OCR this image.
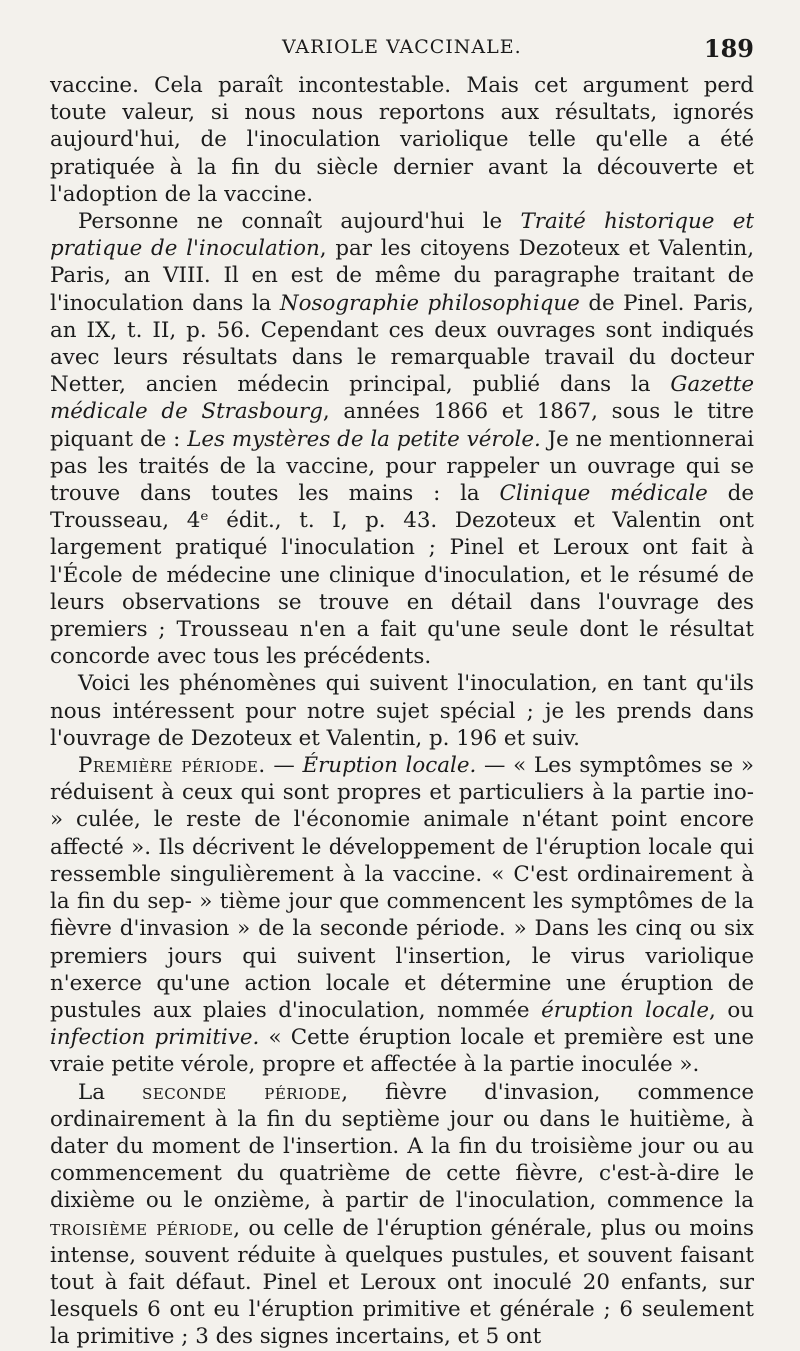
VARIOLE VACCINALE.	189

vaccine. Cela paraît incontestable. Mais cet argument perd toute valeur, si nous nous reportons aux résultats, ignorés aujourd'hui, de l'inoculation variolique telle qu'elle a été pratiquée à la fin du siècle dernier avant la découverte et l'adoption de la vaccine.

Personne ne connaît aujourd'hui le Traité historique et pratique de l'inoculation, par les citoyens Dezoteux et Valentin, Paris, an VIII. Il en est de même du paragraphe traitant de l'inoculation dans la Nosographie philosophique de Pinel. Paris, an IX, t. II, p. 56. Cependant ces deux ouvrages sont indiqués avec leurs résultats dans le remarquable travail du docteur Netter, ancien médecin principal, publié dans la Gazette médicale de Strasbourg, années 1866 et 1867, sous le titre piquant de : Les mystères de la petite vérole. Je ne mentionnerai pas les traités de la vaccine, pour rappeler un ouvrage qui se trouve dans toutes les mains : la Clinique médicale de Trousseau, 4ᵉ édit., t. I, p. 43. Dezoteux et Valentin ont largement pratiqué l'inoculation ; Pinel et Leroux ont fait à l'École de médecine une clinique d'inoculation, et le résumé de leurs observations se trouve en détail dans l'ouvrage des premiers ; Trousseau n'en a fait qu'une seule dont le résultat concorde avec tous les précédents.

Voici les phénomènes qui suivent l'inoculation, en tant qu'ils nous intéressent pour notre sujet spécial ; je les prends dans l'ouvrage de Dezoteux et Valentin, p. 196 et suiv.

Première période. — Éruption locale. — « Les symptômes se » réduisent à ceux qui sont propres et particuliers à la partie ino- » culée, le reste de l'économie animale n'étant point encore affecté ». Ils décrivent le développement de l'éruption locale qui ressemble singulièrement à la vaccine. « C'est ordinairement à la fin du sep- » tième jour que commencent les symptômes de la fièvre d'invasion » de la seconde période. » Dans les cinq ou six premiers jours qui suivent l'insertion, le virus variolique n'exerce qu'une action locale et détermine une éruption de pustules aux plaies d'inoculation, nommée éruption locale, ou infection primitive. « Cette éruption locale et première est une vraie petite vérole, propre et affectée à la partie inoculée ».

La seconde période, fièvre d'invasion, commence ordinairement à la fin du septième jour ou dans le huitième, à dater du moment de l'insertion. A la fin du troisième jour ou au commencement du quatrième de cette fièvre, c'est-à-dire le dixième ou le onzième, à partir de l'inoculation, commence la troisième période, ou celle de l'éruption générale, plus ou moins intense, souvent réduite à quelques pustules, et souvent faisant tout à fait défaut. Pinel et Leroux ont inoculé 20 enfants, sur lesquels 6 ont eu l'éruption primitive et générale ; 6 seulement la primitive ; 3 des signes incertains, et 5 ont
